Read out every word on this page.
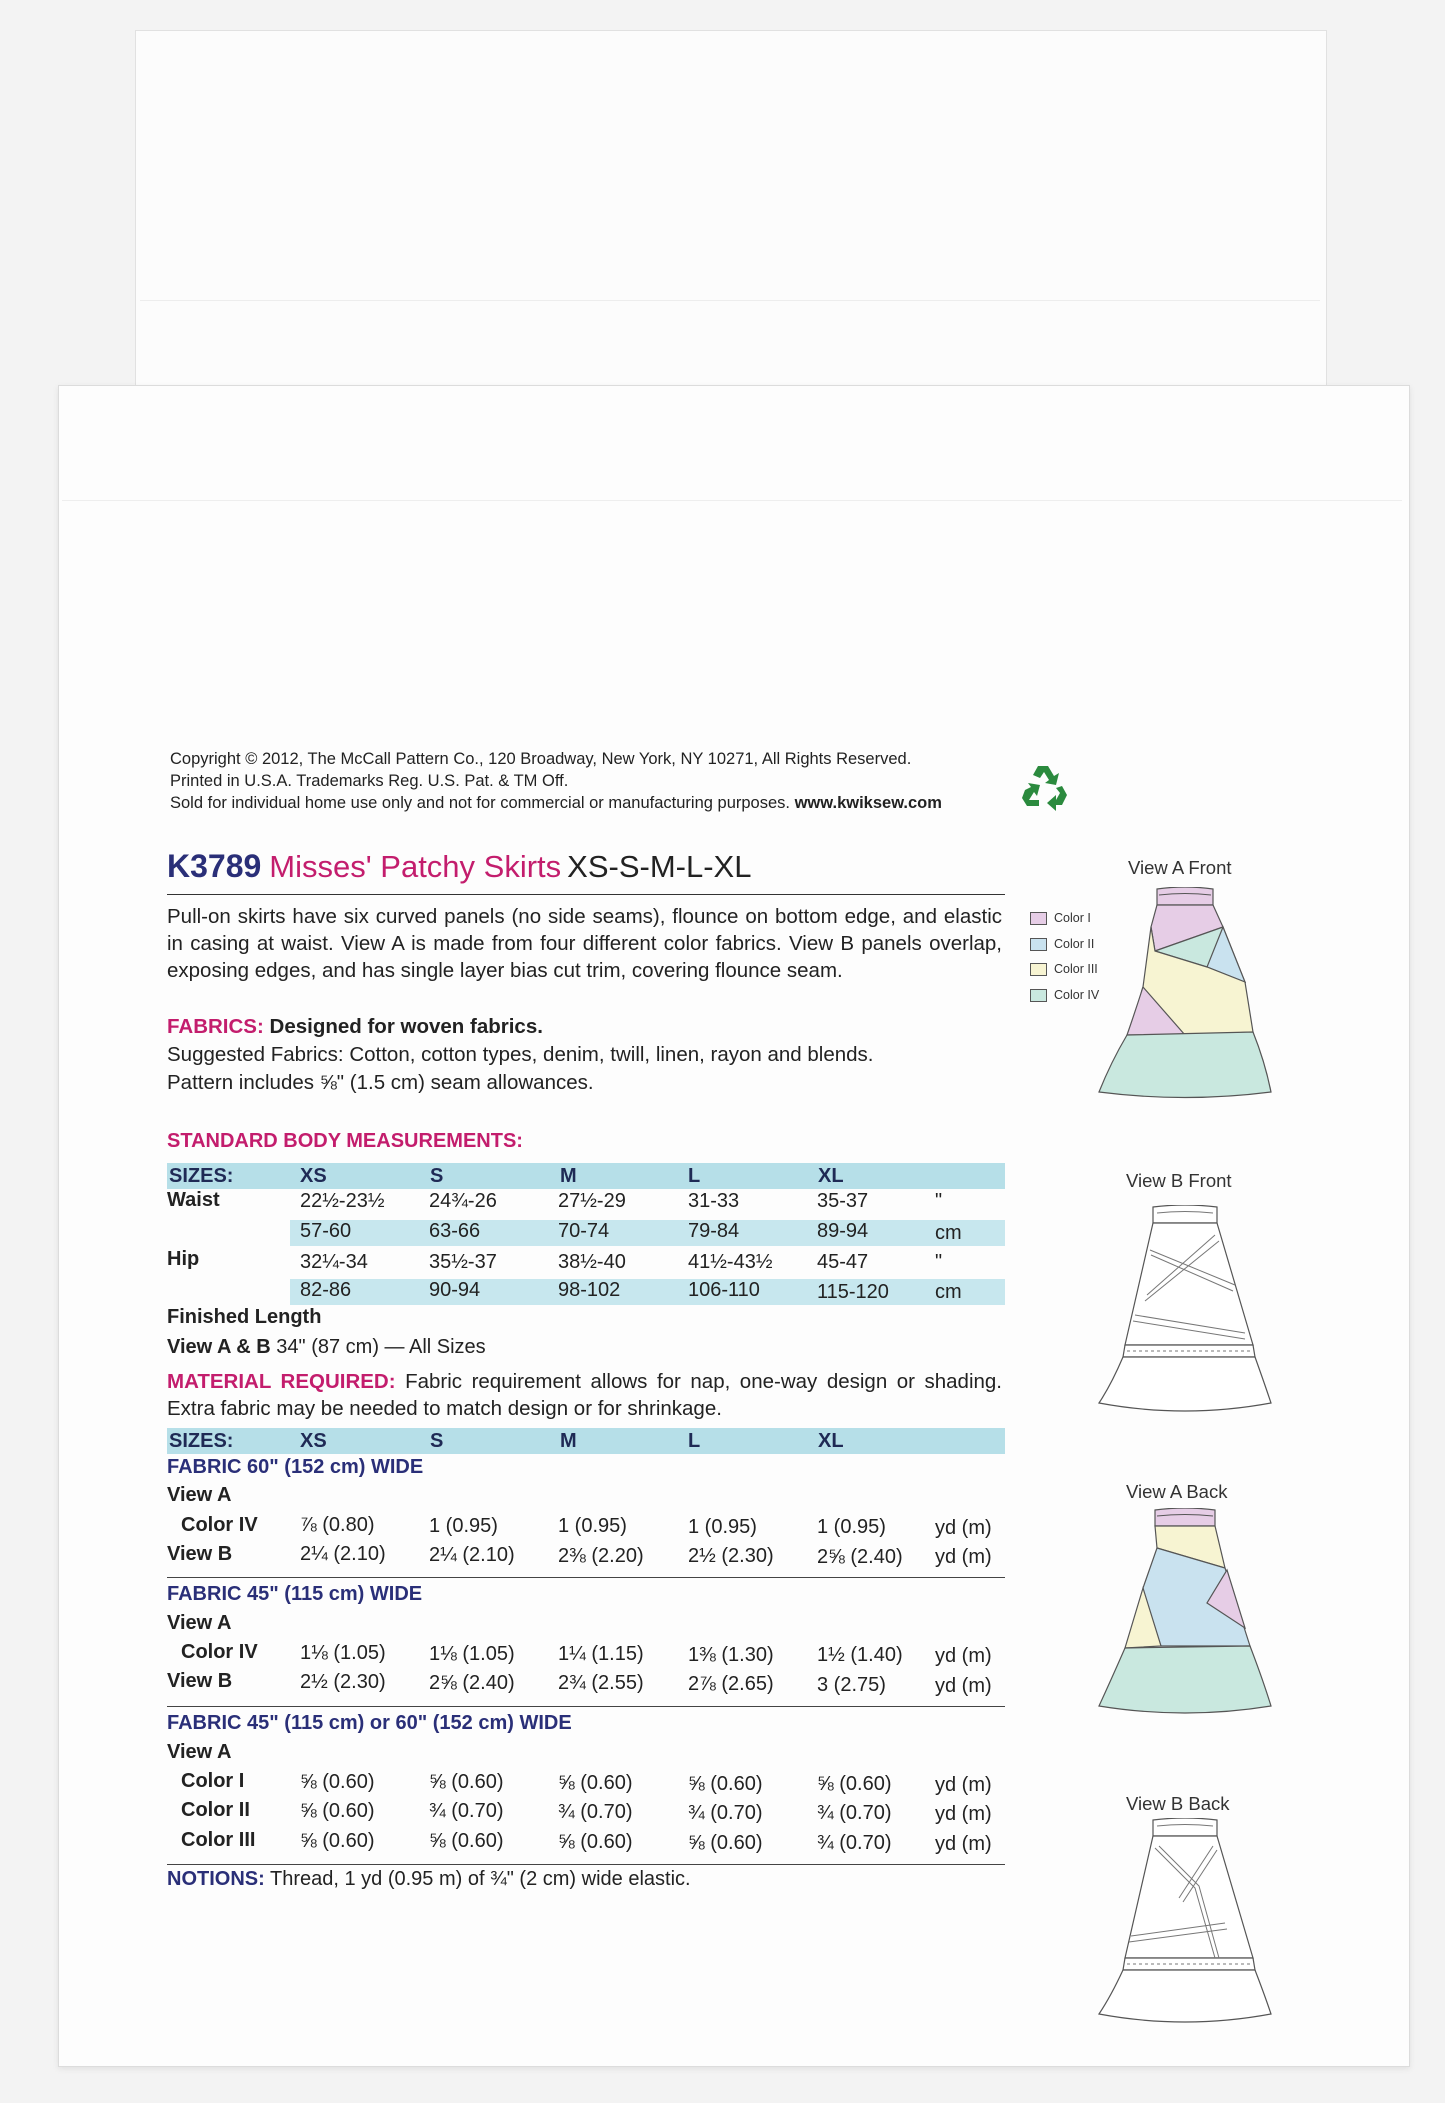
Copyright © 2012, The McCall Pattern Co., 120 Broadway, New York, NY 10271, All Rights Reserved.
Printed in U.S.A. Trademarks Reg. U.S. Pat. & TM Off.
Sold for individual home use only and not for commercial or manufacturing purposes. www.kwiksew.com
K3789 Misses' Patchy Skirts XS-S-M-L-XL
Pull-on skirts have six curved panels (no side seams), flounce on bottom edge, and elastic in casing at waist. View A is made from four different color fabrics. View B panels overlap, exposing edges, and has single layer bias cut trim, covering flounce seam.
FABRICS: Designed for woven fabrics.
Suggested Fabrics: Cotton, cotton types, denim, twill, linen, rayon and blends.
Pattern includes ⅝" (1.5 cm) seam allowances.
STANDARD BODY MEASUREMENTS:
SIZES:	XS	S	M	L	XL
Waist	22½-23½ 24¾-26	27½-29	31-33	35-37	"
57-60	63-66	70-74	79-84	89-94	cm
Hip	32¼-34	35½-37	38½-40	41½-43½ 45-47	"
82-86	90-94	98-102	106-110	115-120 cm
Finished Length
View A & B 34" (87 cm) — All Sizes
MATERIAL REQUIRED: Fabric requirement allows for nap, one-way design or shading. Extra fabric may be needed to match design or for shrinkage.
SIZES:	XS	S	M	L	XL
FABRIC 60" (152 cm) WIDE
View A
Color IV ⅞ (0.80)	1 (0.95)	1 (0.95)	1 (0.95)	1 (0.95) yd (m)
View B	2¼ (2.10) 2¼ (2.10) 2⅜ (2.20) 2½ (2.30) 2⅝ (2.40) yd (m)
FABRIC 45" (115 cm) WIDE
View A
Color IV 1⅛ (1.05) 1⅛ (1.05) 1¼ (1.15) 1⅜ (1.30) 1½ (1.40) yd (m)
View B	2½ (2.30) 2⅝ (2.40) 2¾ (2.55) 2⅞ (2.65) 3 (2.75) yd (m)
FABRIC 45" (115 cm) or 60" (152 cm) WIDE
View A
Color I	⅝ (0.60)	⅝ (0.60)	⅝ (0.60)	⅝ (0.60)	⅝ (0.60) yd (m)
Color II	⅝ (0.60)	¾ (0.70)	¾ (0.70)	¾ (0.70)	¾ (0.70) yd (m)
Color III ⅝ (0.60)	⅝ (0.60)	⅝ (0.60)	⅝ (0.60)	¾ (0.70) yd (m)
NOTIONS: Thread, 1 yd (0.95 m) of ¾" (2 cm) wide elastic.
View A Front
View B Front
View A Back
View B Back
Color I
Color II
Color III
Color IV
